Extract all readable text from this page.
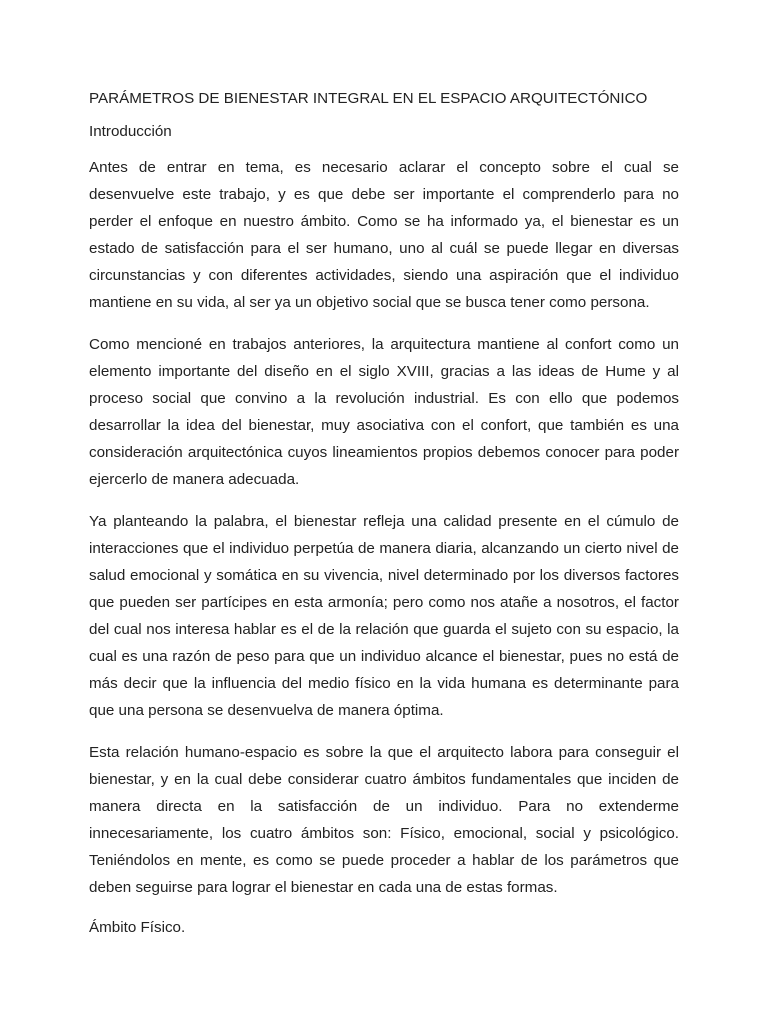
PARÁMETROS DE BIENESTAR INTEGRAL EN EL ESPACIO ARQUITECTÓNICO
Introducción

Antes de entrar en tema, es necesario aclarar el concepto sobre el cual se desenvuelve este trabajo, y es que debe ser importante el comprenderlo para no perder el enfoque en nuestro ámbito. Como se ha informado ya, el bienestar es un estado de satisfacción para el ser humano, uno al cuál se puede llegar en diversas circunstancias y con diferentes actividades, siendo una aspiración que el individuo mantiene en su vida, al ser ya un objetivo social que se busca tener como persona.

Como mencioné en trabajos anteriores, la arquitectura mantiene al confort como un elemento importante del diseño en el siglo XVIII, gracias a las ideas de Hume y al proceso social que convino a la revolución industrial. Es con ello que podemos desarrollar la idea del bienestar, muy asociativa con el confort, que también es una consideración arquitectónica cuyos lineamientos propios debemos conocer para poder ejercerlo de manera adecuada.

Ya planteando la palabra, el bienestar refleja una calidad presente en el cúmulo de interacciones que el individuo perpetúa de manera diaria, alcanzando un cierto nivel de salud emocional y somática en su vivencia, nivel determinado por los diversos factores que pueden ser partícipes en esta armonía; pero como nos atañe a nosotros, el factor del cual nos interesa hablar es el de la relación que guarda el sujeto con su espacio, la cual es una razón de peso para que un individuo alcance el bienestar, pues no está de más decir que la influencia del medio físico en la vida humana es determinante para que una persona se desenvuelva de manera óptima.

Esta relación humano-espacio es sobre la que el arquitecto labora para conseguir el bienestar, y en la cual debe considerar cuatro ámbitos fundamentales que inciden de manera directa en la satisfacción de un individuo. Para no extenderme innecesariamente, los cuatro ámbitos son: Físico, emocional, social y psicológico. Teniéndolos en mente, es como se puede proceder a hablar de los parámetros que deben seguirse para lograr el bienestar en cada una de estas formas.

Ámbito Físico.
